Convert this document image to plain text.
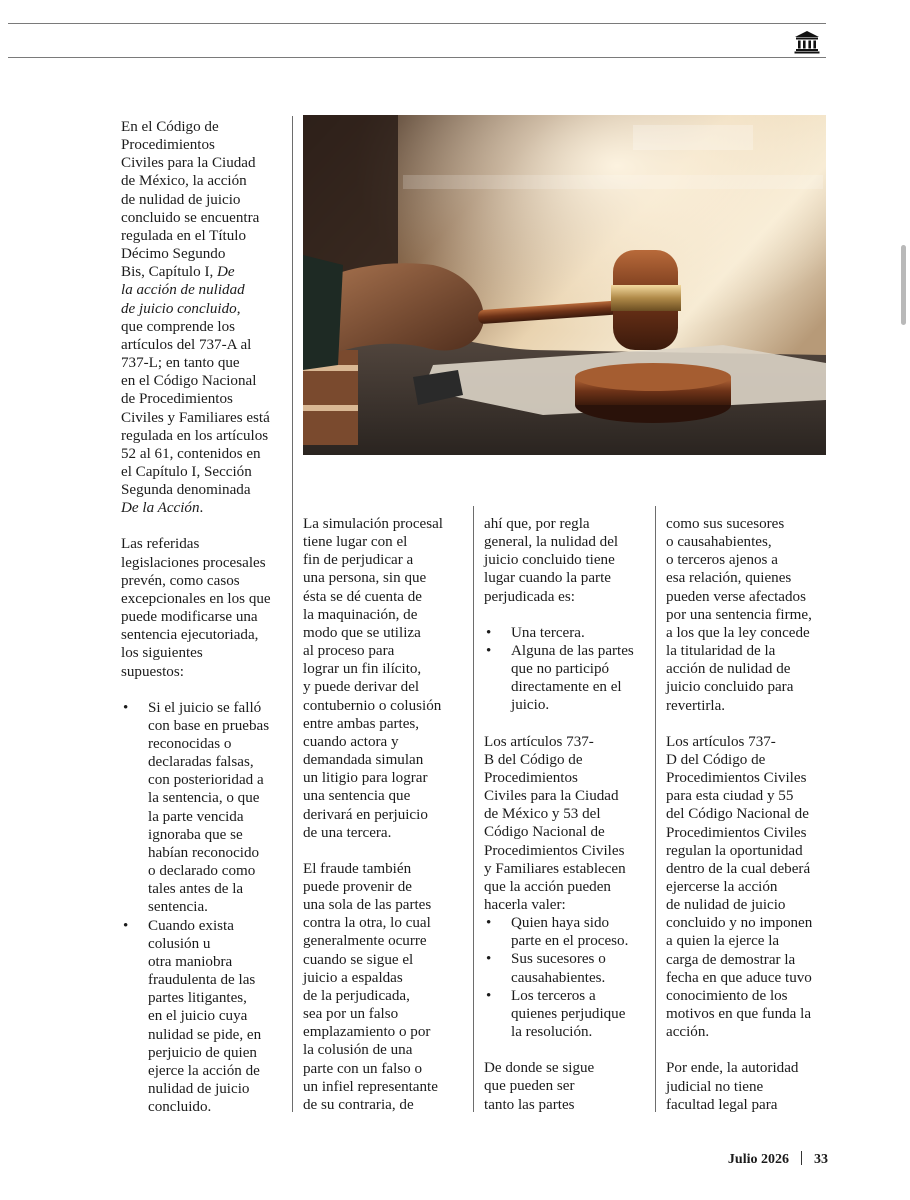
En el Código de
Procedimientos
Civiles para la Ciudad
de México, la acción
de nulidad de juicio
concluido se encuentra
regulada en el Título
Décimo Segundo
Bis, Capítulo I, De
la acción de nulidad
de juicio concluido,
que comprende los
artículos del 737-A al
737-L; en tanto que
en el Código Nacional
de Procedimientos
Civiles y Familiares está
regulada en los artículos
52 al 61, contenidos en
el Capítulo I, Sección
Segunda denominada
De la Acción.

Las referidas
legislaciones procesales
prevén, como casos
excepcionales en los que
puede modificarse una
sentencia ejecutoriada,
los siguientes
supuestos:

• Si el juicio se falló
con base en pruebas
reconocidas o
declaradas falsas,
con posterioridad a
la sentencia, o que
la parte vencida
ignoraba que se
habían reconocido
o declarado como
tales antes de la
sentencia.
• Cuando exista
colusión u
otra maniobra
fraudulenta de las
partes litigantes,
en el juicio cuya
nulidad se pide, en
perjuicio de quien
ejerce la acción de
nulidad de juicio
concluido.

La simulación procesal
tiene lugar con el
fin de perjudicar a
una persona, sin que
ésta se dé cuenta de
la maquinación, de
modo que se utiliza
al proceso para
lograr un fin ilícito,
y puede derivar del
contubernio o colusión
entre ambas partes,
cuando actora y
demandada simulan
un litigio para lograr
una sentencia que
derivará en perjuicio
de una tercera.

El fraude también
puede provenir de
una sola de las partes
contra la otra, lo cual
generalmente ocurre
cuando se sigue el
juicio a espaldas
de la perjudicada,
sea por un falso
emplazamiento o por
la colusión de una
parte con un falso o
un infiel representante
de su contraria, de

ahí que, por regla
general, la nulidad del
juicio concluido tiene
lugar cuando la parte
perjudicada es:

• Una tercera.
• Alguna de las partes
que no participó
directamente en el
juicio.

Los artículos 737-
B del Código de
Procedimientos
Civiles para la Ciudad
de México y 53 del
Código Nacional de
Procedimientos Civiles
y Familiares establecen
que la acción pueden
hacerla valer:

• Quien haya sido
parte en el proceso.
• Sus sucesores o
causahabientes.
• Los terceros a
quienes perjudique
la resolución.

De donde se sigue
que pueden ser
tanto las partes

como sus sucesores
o causahabientes,
o terceros ajenos a
esa relación, quienes
pueden verse afectados
por una sentencia firme,
a los que la ley concede
la titularidad de la
acción de nulidad de
juicio concluido para
revertirla.

Los artículos 737-
D del Código de
Procedimientos Civiles
para esta ciudad y 55
del Código Nacional de
Procedimientos Civiles
regulan la oportunidad
dentro de la cual deberá
ejercerse la acción
de nulidad de juicio
concluido y no imponen
a quien la ejerce la
carga de demostrar la
fecha en que aduce tuvo
conocimiento de los
motivos en que funda la
acción.

Por ende, la autoridad
judicial no tiene
facultad legal para

Julio 2026 33
